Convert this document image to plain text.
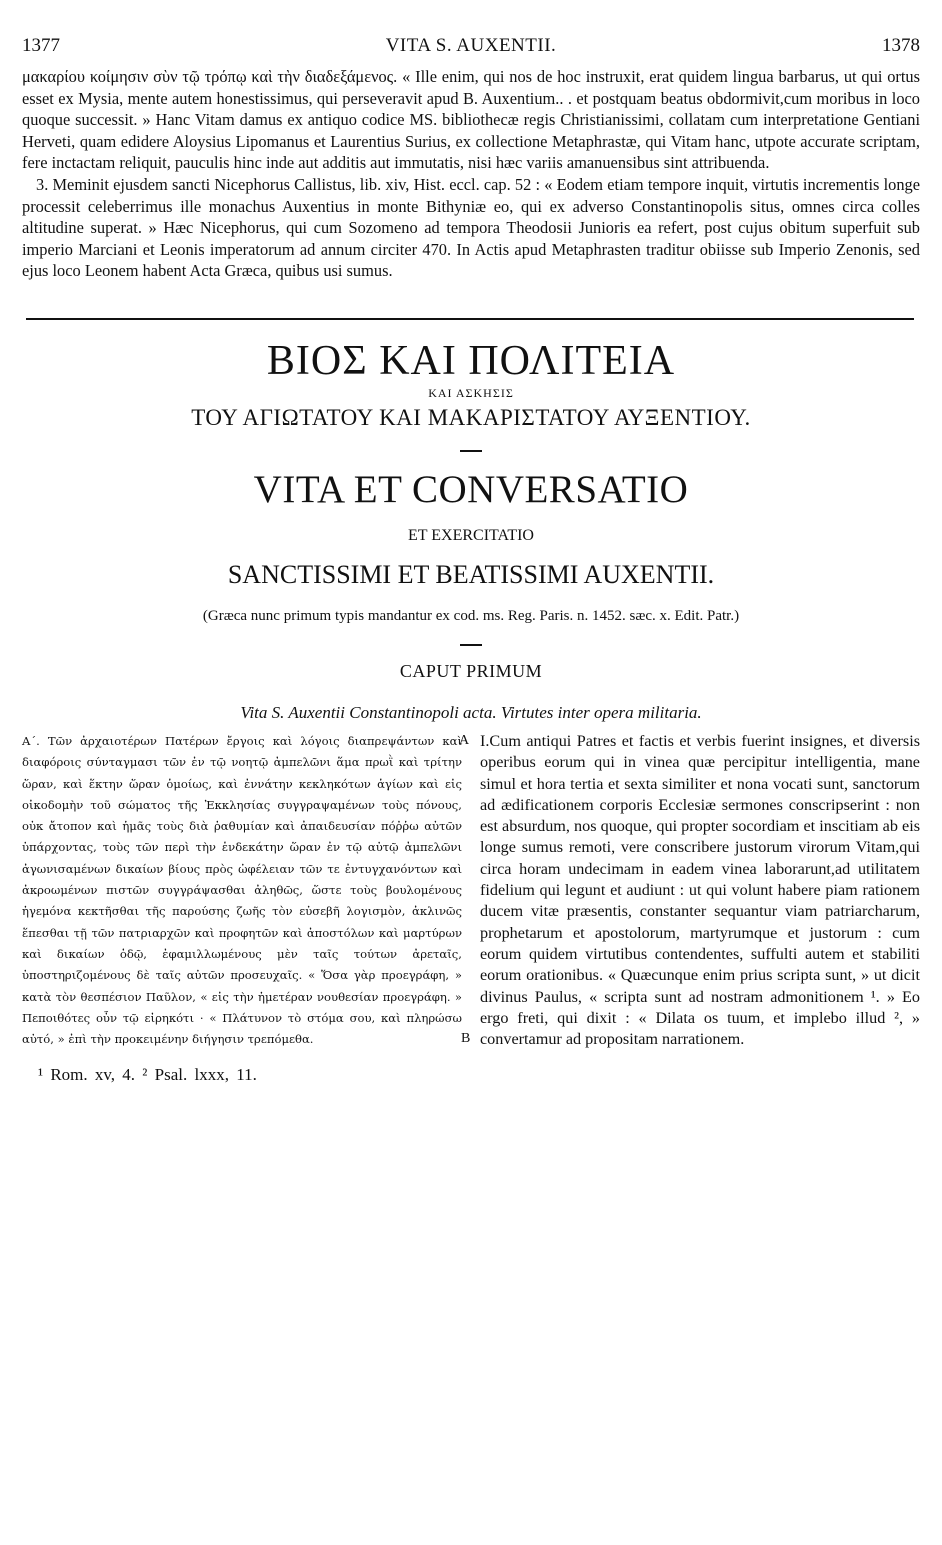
1377	VITA S. AUXENTII.	1378

μακαρίου κοίμησιν σὺν τῷ τρόπῳ καὶ τὴν διαδεξάμενος. « Ille enim, qui nos de hoc instruxit, erat quidem lingua barbarus, ut qui ortus esset ex Mysia, mente autem honestissimus, qui perseveravit apud B. Auxentium.. . et postquam beatus obdormivit,cum moribus in loco quoque successit. » Hanc Vitam damus ex antiquo codice MS. bibliothecæ regis Christianissimi, collatam cum interpretatione Gentiani Herveti, quam edidere Aloysius Lipomanus et Laurentius Surius, ex collectione Metaphrastæ, qui Vitam hanc, utpote accurate scriptam, fere inctactam reliquit, pauculis hinc inde aut additis aut immutatis, nisi hæc variis amanuensibus sint attribuenda.

3. Meminit ejusdem sancti Nicephorus Callistus, lib. xiv, Hist. eccl. cap. 52 : « Eodem etiam tempore inquit, virtutis incrementis longe processit celeberrimus ille monachus Auxentius in monte Bithyniæ eo, qui ex adverso Constantinopolis situs, omnes circa colles altitudine superat. » Hæc Nicephorus, qui cum Sozomeno ad tempora Theodosii Junioris ea refert, post cujus obitum superfuit sub imperio Marciani et Leonis imperatorum ad annum circiter 470. In Actis apud Metaphrasten traditur obiisse sub Imperio Zenonis, sed ejus loco Leonem habent Acta Græca, quibus usi sumus.

ΒΙΟΣ ΚΑΙ ΠΟΛΙΤΕΙΑ
ΚΑΙ ΑΣΚΗΣΙΣ
ΤΟΥ ΑΓΙΩΤΑΤΟΥ ΚΑΙ ΜΑΚΑΡΙΣΤΑΤΟΥ ΑΥΞΕΝΤΙΟΥ.
VITA ET CONVERSATIO
ET EXERCITATIO
SANCTISSIMI ET BEATISSIMI AUXENTII.
(Græca nunc primum typis mandantur ex cod. ms. Reg. Paris. n. 1452. sæc. x. Edit. Patr.)
CAPUT PRIMUM
Vita S. Auxentii Constantinopoli acta. Virtutes inter opera militaria.

Α΄. Τῶν ἀρχαιοτέρων Πατέρων ἔργοις καὶ λόγοις διαπρεψάντων καὶ διαφόροις σύνταγμασι τῶν ἐν τῷ νοητῷ ἀμπελῶνι ἅμα πρωῒ καὶ τρίτην ὥραν, καὶ ἕκτην ὥραν ὁμοίως, καὶ ἐννάτην κεκληκότων ἁγίων καὶ εἰς οἰκοδομὴν τοῦ σώματος τῆς Ἐκκλησίας συγγραψαμένων τοὺς πόνους, οὐκ ἄτοπον καὶ ἡμᾶς τοὺς διὰ ῥαθυμίαν καὶ ἀπαιδευσίαν πόῤῥω αὐτῶν ὑπάρχοντας, τοὺς τῶν περὶ τὴν ἑνδεκάτην ὥραν ἐν τῷ αὐτῷ ἀμπελῶνι ἀγωνισαμένων δικαίων βίους πρὸς ὠφέλειαν τῶν τε ἐντυγχανόντων καὶ ἀκροωμένων πιστῶν συγγράψασθαι ἀληθῶς, ὥστε τοὺς βουλομένους ἡγεμόνα κεκτῆσθαι τῆς παρούσης ζωῆς τὸν εὐσεβῆ λογισμὸν, ἀκλινῶς ἕπεσθαι τῇ τῶν πατριαρχῶν καὶ προφητῶν καὶ ἀποστόλων καὶ μαρτύρων καὶ δικαίων ὁδῷ, ἐφαμιλλωμένους μὲν ταῖς τούτων ἀρεταῖς, ὑποστηριζομένους δὲ ταῖς αὐτῶν προσευχαῖς. « Ὅσα γὰρ προεγράφη, » κατὰ τὸν θεσπέσιον Παῦλον, « εἰς τὴν ἡμετέραν νουθεσίαν προεγράφη. » Πεποιθότες οὖν τῷ εἰρηκότι · « Πλάτυνον τὸ στόμα σου, καὶ πληρώσω αὐτό, » ἐπὶ τὴν προκειμένην διήγησιν τρεπόμεθα.

A
B

I.Cum antiqui Patres et factis et verbis fuerint insignes, et diversis operibus eorum qui in vinea quæ percipitur intelligentia, mane simul et hora tertia et sexta similiter et nona vocati sunt, sanctorum ad ædificationem corporis Ecclesiæ sermones conscripserint : non est absurdum, nos quoque, qui propter socordiam et inscitiam ab eis longe sumus remoti, vere conscribere justorum virorum Vitam,qui circa horam undecimam in eadem vinea laborarunt,ad utilitatem fidelium qui legunt et audiunt : ut qui volunt habere piam rationem ducem vitæ præsentis, constanter sequantur viam patriarcharum, prophetarum et apostolorum, martyrumque et justorum : cum eorum quidem virtutibus contendentes, suffulti autem et stabiliti eorum orationibus. « Quæcunque enim prius scripta sunt, » ut dicit divinus Paulus, « scripta sunt ad nostram admonitionem ¹. » Eo ergo freti, qui dixit : « Dilata os tuum, et implebo illud ², » convertamur ad propositam narrationem.

¹ Rom. xv, 4. ² Psal. lxxx, 11.
